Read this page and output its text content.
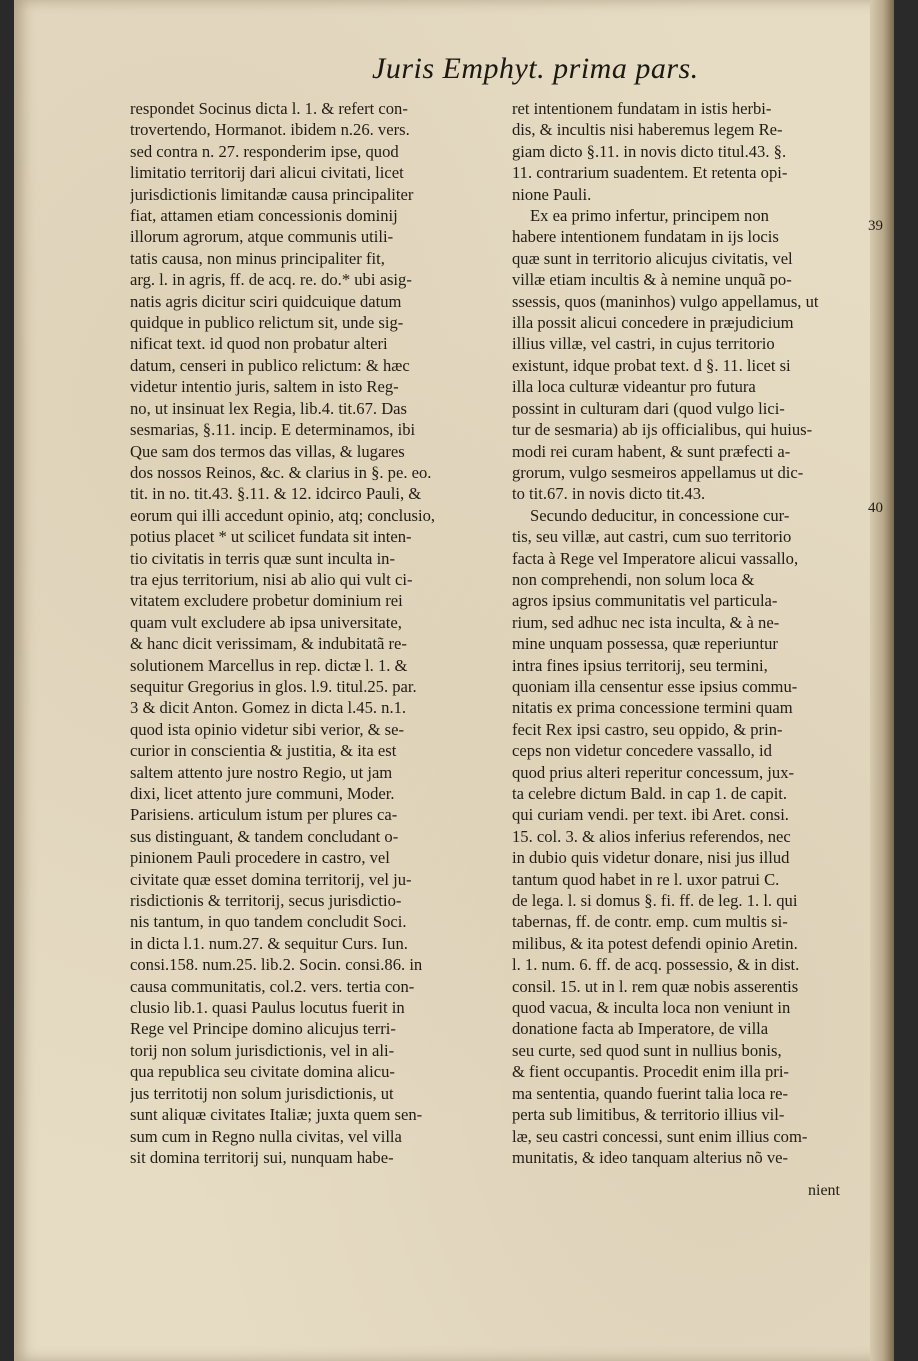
Juris Emphyt. prima pars.
respondet Socinus dicta l. 1. & refert con-
trovertendo, Hormanot. ibidem n.26. vers.
sed contra n. 27. responderim ipse, quod
limitatio territorij dari alicui civitati, licet
jurisdictionis limitandæ causa principaliter
fiat, attamen etiam concessionis dominij
illorum agrorum, atque communis utili-
tatis causa, non minus principaliter fit,
arg. l. in agris, ff. de acq. re. do.* ubi asig-
natis agris dicitur sciri quidcuique datum
quidque in publico relictum sit, unde sig-
nificat text. id quod non probatur alteri
datum, censeri in publico relictum: & hæc
videtur intentio juris, saltem in isto Reg-
no, ut insinuat lex Regia, lib.4. tit.67. Das
sesmarias, §.11. incip. E determinamos, ibi
Que sam dos termos das villas, & lugares
dos nossos Reinos, &c. & clarius in §. pe. eo.
tit. in no. tit.43. §.11. & 12. idcirco Pauli, &
eorum qui illi accedunt opinio, atq; conclusio,
potius placet * ut scilicet fundata sit inten-
tio civitatis in terris quæ sunt inculta in-
tra ejus territorium, nisi ab alio qui vult ci-
vitatem excludere probetur dominium rei
quam vult excludere ab ipsa universitate,
& hanc dicit verissimam, & indubitatã re-
solutionem Marcellus in rep. dictæ l. 1. &
sequitur Gregorius in glos. l.9. titul.25. par.
3 & dicit Anton. Gomez in dicta l.45. n.1.
quod ista opinio videtur sibi verior, & se-
curior in conscientia & justitia, & ita est
saltem attento jure nostro Regio, ut jam
dixi, licet attento jure communi, Moder.
Parisiens. articulum istum per plures ca-
sus distinguant, & tandem concludant o-
pinionem Pauli procedere in castro, vel
civitate quæ esset domina territorij, vel ju-
risdictionis & territorij, secus jurisdictio-
nis tantum, in quo tandem concludit Soci.
in dicta l.1. num.27. & sequitur Curs. Iun.
consi.158. num.25. lib.2. Socin. consi.86. in
causa communitatis, col.2. vers. tertia con-
clusio lib.1. quasi Paulus locutus fuerit in
Rege vel Principe domino alicujus terri-
torij non solum jurisdictionis, vel in ali-
qua republica seu civitate domina alicu-
jus territotij non solum jurisdictionis, ut
sunt aliquæ civitates Italiæ; juxta quem sen-
sum cum in Regno nulla civitas, vel villa
sit domina territorij sui, nunquam habe-
ret intentionem fundatam in istis herbi-
dis, & incultis nisi haberemus legem Re-
giam dicto §.11. in novis dicto titul.43. §.
11. contrarium suadentem. Et retenta opi-
nione Pauli.
Ex ea primo infertur, principem non
habere intentionem fundatam in ijs locis
quæ sunt in territorio alicujus civitatis, vel
villæ etiam incultis & à nemine unquã po-
ssessis, quos (maninhos) vulgo appellamus, ut
illa possit alicui concedere in præjudicium
illius villæ, vel castri, in cujus territorio
existunt, idque probat text. d §. 11. licet si
illa loca culturæ videantur pro futura
possint in culturam dari (quod vulgo lici-
tur de sesmaria) ab ijs officialibus, qui huius-
modi rei curam habent, & sunt præfecti a-
grorum, vulgo sesmeiros appellamus ut dic-
to tit.67. in novis dicto tit.43.
Secundo deducitur, in concessione cur-
tis, seu villæ, aut castri, cum suo territorio
facta à Rege vel Imperatore alicui vassallo,
non comprehendi, non solum loca &
agros ipsius communitatis vel particula-
rium, sed adhuc nec ista inculta, & à ne-
mine unquam possessa, quæ reperiuntur
intra fines ipsius territorij, seu termini,
quoniam illa censentur esse ipsius commu-
nitatis ex prima concessione termini quam
fecit Rex ipsi castro, seu oppido, & prin-
ceps non videtur concedere vassallo, id
quod prius alteri reperitur concessum, jux-
ta celebre dictum Bald. in cap 1. de capit.
qui curiam vendi. per text. ibi Aret. consi.
15. col. 3. & alios inferius referendos, nec
in dubio quis videtur donare, nisi jus illud
tantum quod habet in re l. uxor patrui C.
de lega. l. si domus §. fi. ff. de leg. 1. l. qui
tabernas, ff. de contr. emp. cum multis si-
milibus, & ita potest defendi opinio Aretin.
l. 1. num. 6. ff. de acq. possessio, & in dist.
consil. 15. ut in l. rem quæ nobis asserentis
quod vacua, & inculta loca non veniunt in
donatione facta ab Imperatore, de villa
seu curte, sed quod sunt in nullius bonis,
& fient occupantis. Procedit enim illa pri-
ma sententia, quando fuerint talia loca re-
perta sub limitibus, & territorio illius vil-
læ, seu castri concessi, sunt enim illius com-
munitatis, & ideo tanquam alterius nõ ve-
39
40
nient
